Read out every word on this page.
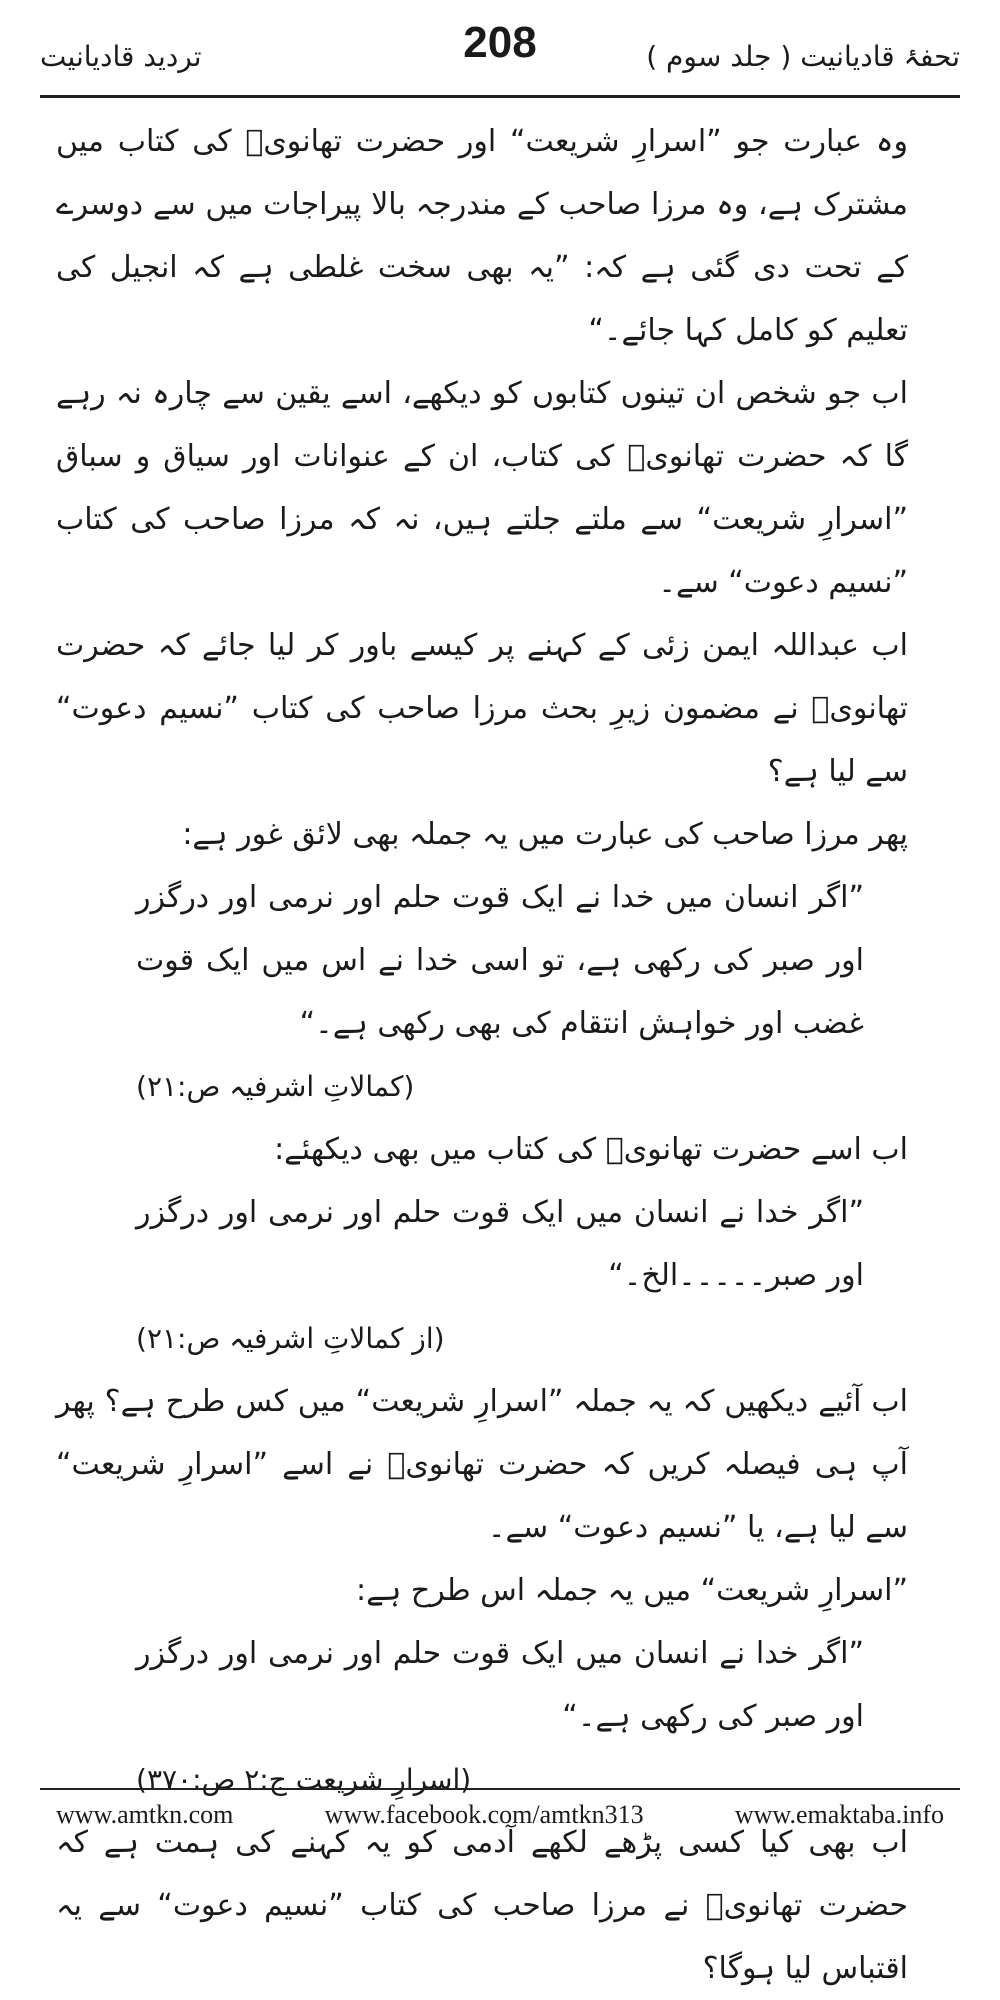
تردید قادیانیت	208	تحفۂ قادیانیت ( جلد سوم )

وہ عبارت جو ”اسرارِ شریعت“ اور حضرت تھانویؒ کی کتاب میں مشترک ہے، وہ مرزا صاحب کے مندرجہ بالا پیراجات میں سے دوسرے کے تحت دی گئی ہے کہ: ”یہ بھی سخت غلطی ہے کہ انجیل کی تعلیم کو کامل کہا جائے۔“

اب جو شخص ان تینوں کتابوں کو دیکھے، اسے یقین سے چارہ نہ رہے گا کہ حضرت تھانویؒ کی کتاب، ان کے عنوانات اور سیاق و سباق ”اسرارِ شریعت“ سے ملتے جلتے ہیں، نہ کہ مرزا صاحب کی کتاب ”نسیم دعوت“ سے۔

اب عبداللہ ایمن زئی کے کہنے پر کیسے باور کر لیا جائے کہ حضرت تھانویؒ نے مضمون زیرِ بحث مرزا صاحب کی کتاب ”نسیم دعوت“ سے لیا ہے؟

پھر مرزا صاحب کی عبارت میں یہ جملہ بھی لائق غور ہے:

”اگر انسان میں خدا نے ایک قوت حلم اور نرمی اور درگزر اور صبر کی رکھی ہے، تو اسی خدا نے اس میں ایک قوت غضب اور خواہش انتقام کی بھی رکھی ہے۔“

(کمالاتِ اشرفیہ ص:۲۱)

اب اسے حضرت تھانویؒ کی کتاب میں بھی دیکھئے:

”اگر خدا نے انسان میں ایک قوت حلم اور نرمی اور درگزر اور صبر۔۔۔۔۔الخ۔“

(از کمالاتِ اشرفیہ ص:۲۱)

اب آئیے دیکھیں کہ یہ جملہ ”اسرارِ شریعت“ میں کس طرح ہے؟ پھر آپ ہی فیصلہ کریں کہ حضرت تھانویؒ نے اسے ”اسرارِ شریعت“ سے لیا ہے، یا ”نسیم دعوت“ سے۔

”اسرارِ شریعت“ میں یہ جملہ اس طرح ہے:

”اگر خدا نے انسان میں ایک قوت حلم اور نرمی اور درگزر اور صبر کی رکھی ہے۔“

(اسرارِ شریعت ج:۲ ص:۳۷۰)

اب بھی کیا کسی پڑھے لکھے آدمی کو یہ کہنے کی ہمت ہے کہ حضرت تھانویؒ نے مرزا صاحب کی کتاب ”نسیم دعوت“ سے یہ اقتباس لیا ہوگا؟

www.amtkn.com	www.facebook.com/amtkn313	www.emaktaba.info
